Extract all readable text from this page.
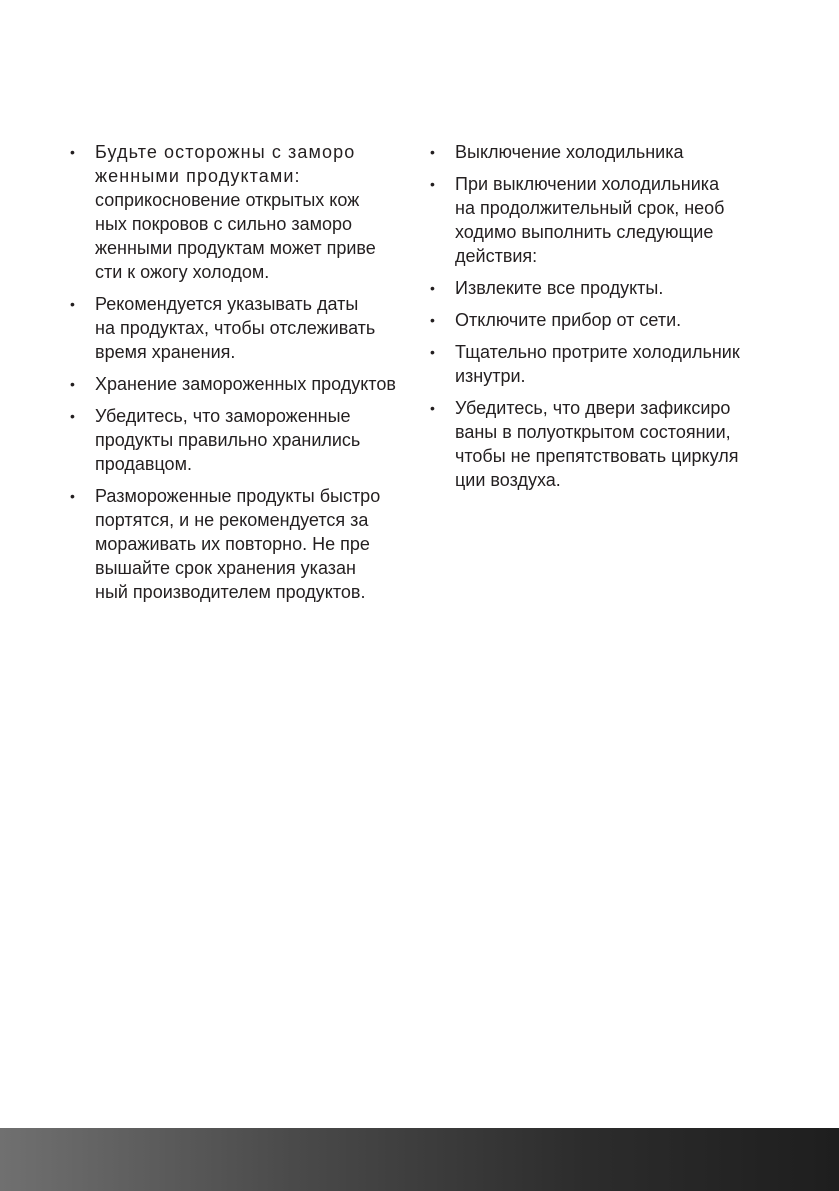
•	Будьте осторожны с заморо
женными продуктами:
соприкосновение открытых кож
ных покровов с сильно заморо
женными продуктам может приве
сти к ожогу холодом.
•	Рекомендуется указывать даты
на продуктах, чтобы отслеживать
время хранения.
•	Хранение замороженных продуктов
•	Убедитесь, что замороженные
продукты правильно хранились
продавцом.
•	Размороженные продукты быстро
портятся, и не рекомендуется за
мораживать их повторно. Не пре
вышайте срок хранения указан
ный производителем продуктов.
•	Выключение холодильника
•	При выключении холодильника
на продолжительный срок, необ
ходимо выполнить следующие
действия:
•	Извлеките все продукты.
•	Отключите прибор от сети.
•	Тщательно протрите холодильник
изнутри.
•	Убедитесь, что двери зафиксиро
ваны в полуоткрытом состоянии,
чтобы не препятствовать циркуля
ции воздуха.
